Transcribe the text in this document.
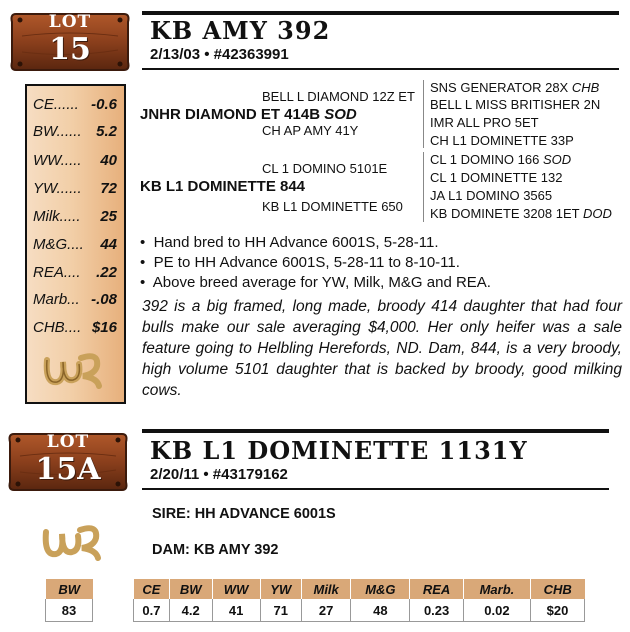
LOT
15
CE...... -0.6
BW...... 5.2
WW..... 40
YW...... 72
Milk..... 25
M&G.... 44
REA.... .22
Marb... -.08
CHB.... $16
KB AMY 392
2/13/03 • #42363991
BELL L DIAMOND 12Z ET
JNHR DIAMOND ET 414B SOD
CH AP AMY 41Y
CL 1 DOMINO 5101E
KB L1 DOMINETTE 844
KB L1 DOMINETTE 650
SNS GENERATOR 28X CHB
BELL L MISS BRITISHER 2N
IMR ALL PRO 5ET
CH L1 DOMINETTE 33P
CL 1 DOMINO 166 SOD
CL 1 DOMINETTE 132
JA L1 DOMINO 3565
KB DOMINETE 3208 1ET DOD
•  Hand bred to HH Advance 6001S, 5-28-11.
•  PE to HH Advance 6001S, 5-28-11 to 8-10-11.
•  Above breed average for YW, Milk, M&G and REA.
392 is a big framed, long made, broody 414 daughter that had four bulls make our sale averaging $4,000. Her only heifer was a sale feature going to Helbling Herefords, ND. Dam, 844, is a very broody, high volume 5101 daughter that is backed by broody, good milking cows.
LOT
15A
KB L1 DOMINETTE 1131Y
2/20/11 • #43179162
SIRE: HH ADVANCE 6001S
DAM: KB AMY 392
BW
83
CE	BW	WW	YW	Milk	M&G	REA	Marb.	CHB
0.7	4.2	41	71	27	48	0.23	0.02	$20
